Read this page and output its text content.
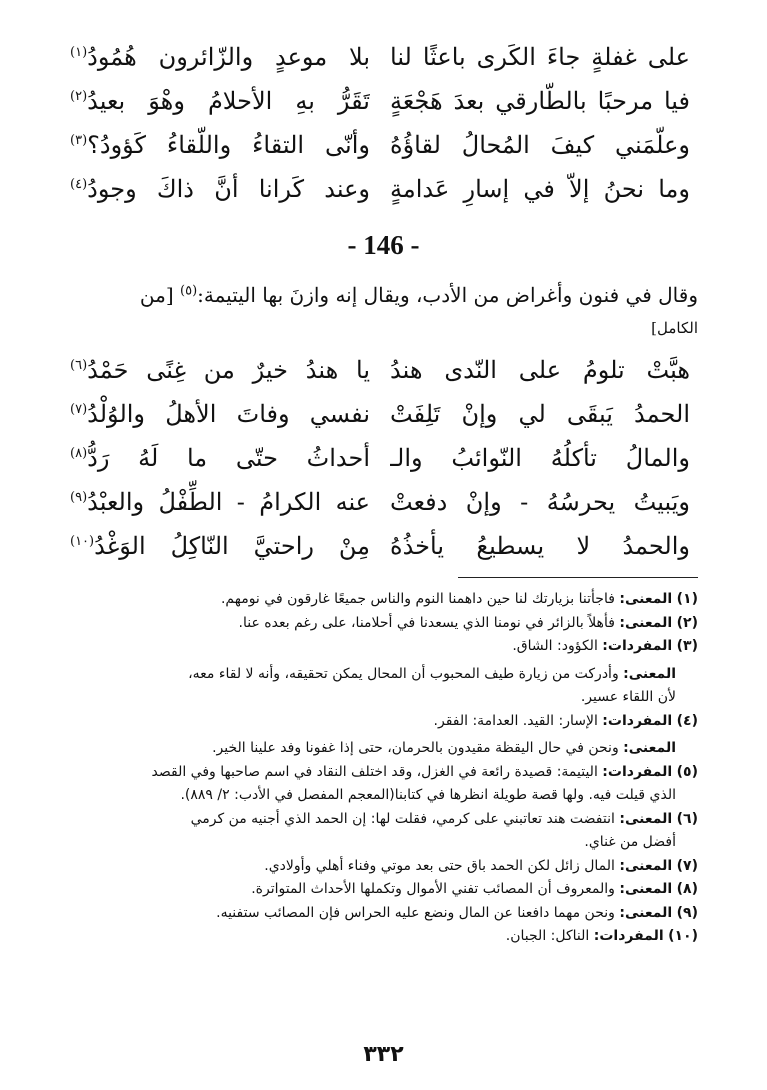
على غفلةٍ جاءَ الكَرى باعثًا لنا
بلا موعدٍ والزّائرون هُمُودُ$^{(١)}$
فيا مرحبًا بالطّارقي بعدَ هَجْعَةٍ
تَقَرُّ بهِ الأحلامُ وهْوَ بعيدُ$^{(٢)}$
وعلّمَني كيفَ المُحالُ لقاؤُهُ
وأنّى التقاءُ واللّقاءُ كَؤودُ؟$^{(٣)}$
وما نحنُ إلاّ في إسارِ عَدامةٍ
وعند كَرانا أنَّ ذاكَ وجودُ$^{(٤)}$
- 146 -
وقال في فنون وأغراض من الأدب، ويقال إنه وازنَ بها اليتيمة:$^{(٥)}$ [من
الكامل]
هبَّتْ تلومُ على النّدى هندُ
يا هندُ خيرٌ من غِنًى حَمْدُ$^{(٦)}$
الحمدُ يَبقَى لي وإنْ تَلِفَتْ
نفسي وفاتَ الأهلُ والوُلْدُ$^{(٧)}$
والمالُ تأكلُهُ النّوائبُ والـ
أحداثُ حتّى ما لَهُ رَدُّ$^{(٨)}$
ويَبيتُ يحرسُهُ - وإنْ دفعتْ
عنه الكرامُ - الطِّفْلُ والعبْدُ$^{(٩)}$
والحمدُ لا يسطيعُ يأخذُهُ
مِنْ راحتيَّ النّاكِلُ الوَغْدُ$^{(١٠)}$
(١) المعنى: فاجأتنا بزيارتك لنا حين داهمنا النوم والناس جميعًا غارقون في نومهم.
(٢) المعنى: فأهلاً بالزائر في نومنا الذي يسعدنا في أحلامنا، على رغم بعده عنا.
(٣) المفردات: الكؤود: الشاق.
المعنى: وأدركت من زيارة طيف المحبوب أن المحال يمكن تحقيقه، وأنه لا لقاء معه،
لأن اللقاء عسير.
(٤) المفردات: الإسار: القيد. العدامة: الفقر.
المعنى: ونحن في حال اليقظة مقيدون بالحرمان، حتى إذا غفونا وفد علينا الخير.
(٥) المفردات: اليتيمة: قصيدة رائعة في الغزل، وقد اختلف النقاد في اسم صاحبها وفي القصد
الذي قيلت فيه. ولها قصة طويلة انظرها في كتابنا(المعجم المفصل في الأدب: ٢/ ٨٨٩).
(٦) المعنى: انتفضت هند تعاتبني على كرمي، فقلت لها: إن الحمد الذي أجنيه من كرمي
أفضل من غناي.
(٧) المعنى: المال زائل لكن الحمد باق حتى بعد موتي وفناء أهلي وأولادي.
(٨) المعنى: والمعروف أن المصائب تفني الأموال وتكملها الأحداث المتواترة.
(٩) المعنى: ونحن مهما دافعنا عن المال ونضع عليه الحراس فإن المصائب ستفنيه.
(١٠) المفردات: الناكل: الجبان.
٣٣٢
